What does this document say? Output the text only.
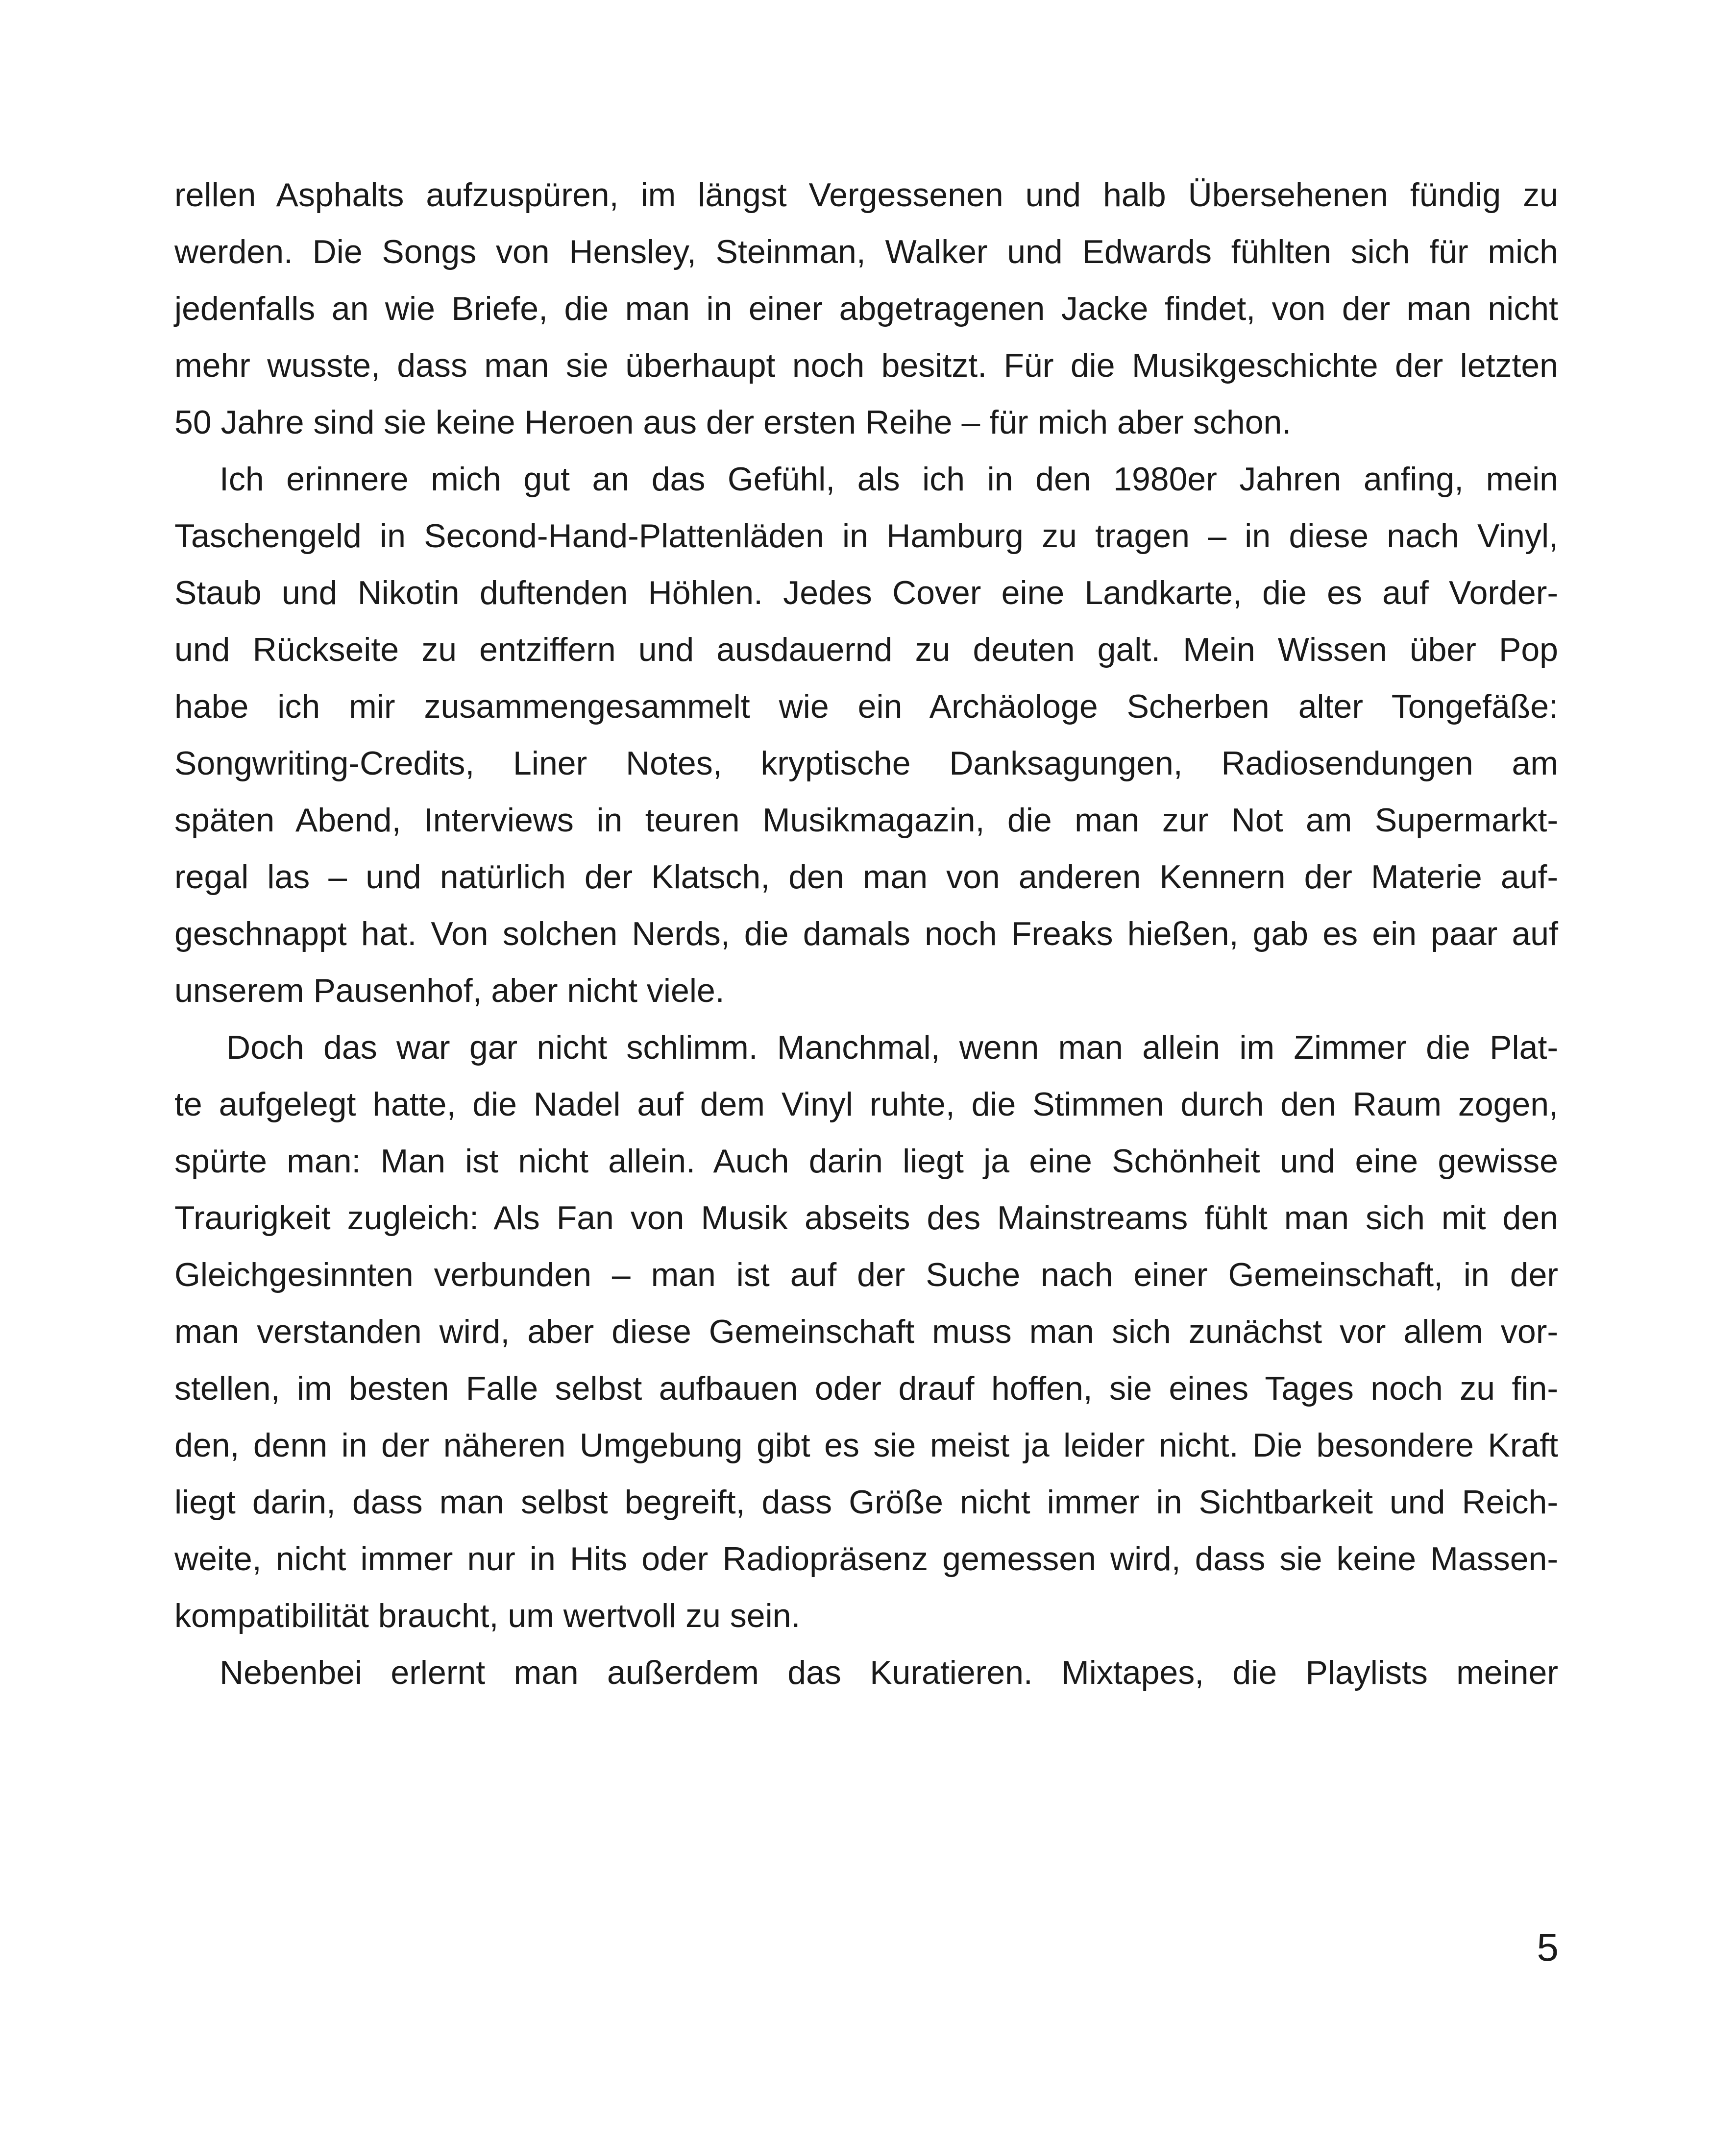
rellen Asphalts aufzuspüren, im längst Vergessenen und halb Übersehenen fündig zu
werden. Die Songs von Hensley, Steinman, Walker und Edwards fühlten sich für mich
jedenfalls an wie Briefe, die man in einer abgetragenen Jacke findet, von der man nicht
mehr wusste, dass man sie überhaupt noch besitzt. Für die Musikgeschichte der letzten
50 Jahre sind sie keine Heroen aus der ersten Reihe – für mich aber schon.
Ich erinnere mich gut an das Gefühl, als ich in den 1980er Jahren anfing, mein
Taschengeld in Second-Hand-Plattenläden in Hamburg zu tragen – in diese nach Vinyl,
Staub und Nikotin duftenden Höhlen. Jedes Cover eine Landkarte, die es auf Vorder-
und Rückseite zu entziffern und ausdauernd zu deuten galt. Mein Wissen über Pop
habe ich mir zusammengesammelt wie ein Archäologe Scherben alter Tongefäße:
Songwriting-Credits, Liner Notes, kryptische Danksagungen, Radiosendungen am
späten Abend, Interviews in teuren Musikmagazin, die man zur Not am Supermarkt-
regal las – und natürlich der Klatsch, den man von anderen Kennern der Materie auf-
geschnappt hat. Von solchen Nerds, die damals noch Freaks hießen, gab es ein paar auf
unserem Pausenhof, aber nicht viele.
Doch das war gar nicht schlimm. Manchmal, wenn man allein im Zimmer die Plat-
te aufgelegt hatte, die Nadel auf dem Vinyl ruhte, die Stimmen durch den Raum zogen,
spürte man: Man ist nicht allein. Auch darin liegt ja eine Schönheit und eine gewisse
Traurigkeit zugleich: Als Fan von Musik abseits des Mainstreams fühlt man sich mit den
Gleichgesinnten verbunden – man ist auf der Suche nach einer Gemeinschaft, in der
man verstanden wird, aber diese Gemeinschaft muss man sich zunächst vor allem vor-
stellen, im besten Falle selbst aufbauen oder drauf hoffen, sie eines Tages noch zu fin-
den, denn in der näheren Umgebung gibt es sie meist ja leider nicht. Die besondere Kraft
liegt darin, dass man selbst begreift, dass Größe nicht immer in Sichtbarkeit und Reich-
weite, nicht immer nur in Hits oder Radiopräsenz gemessen wird, dass sie keine Massen-
kompatibilität braucht, um wertvoll zu sein.
Nebenbei erlernt man außerdem das Kuratieren. Mixtapes, die Playlists meiner
5
